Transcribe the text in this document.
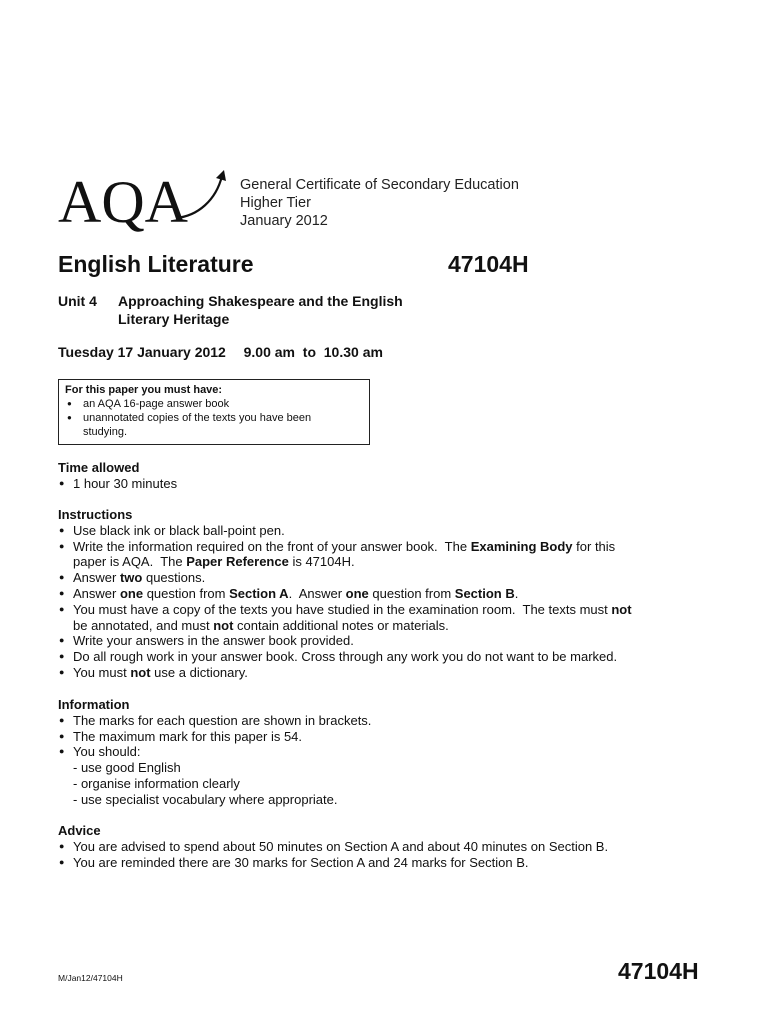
AQA	General Certificate of Secondary Education
Higher Tier
January 2012
English Literature	47104H
Unit 4 Approaching Shakespeare and the English
Literary Heritage
Tuesday 17 January 2012 9.00 am  to  10.30 am
For this paper you must have:
● an AQA 16-page answer book
● unannotated copies of the texts you have been
studying.
Time allowed
● 1 hour 30 minutes
Instructions
● Use black ink or black ball-point pen.
● Write the information required on the front of your answer book.  The Examining Body for this
paper is AQA.  The Paper Reference is 47104H.
● Answer two questions.
● Answer one question from Section A.  Answer one question from Section B.
● You must have a copy of the texts you have studied in the examination room.  The texts must not
be annotated, and must not contain additional notes or materials.
● Write your answers in the answer book provided.
● Do all rough work in your answer book. Cross through any work you do not want to be marked.
● You must not use a dictionary.
Information
● The marks for each question are shown in brackets.
● The maximum mark for this paper is 54.
● You should:
- use good English
- organise information clearly
- use specialist vocabulary where appropriate.
Advice
● You are advised to spend about 50 minutes on Section A and about 40 minutes on Section B.
● You are reminded there are 30 marks for Section A and 24 marks for Section B.
M/Jan12/47104H	47104H
